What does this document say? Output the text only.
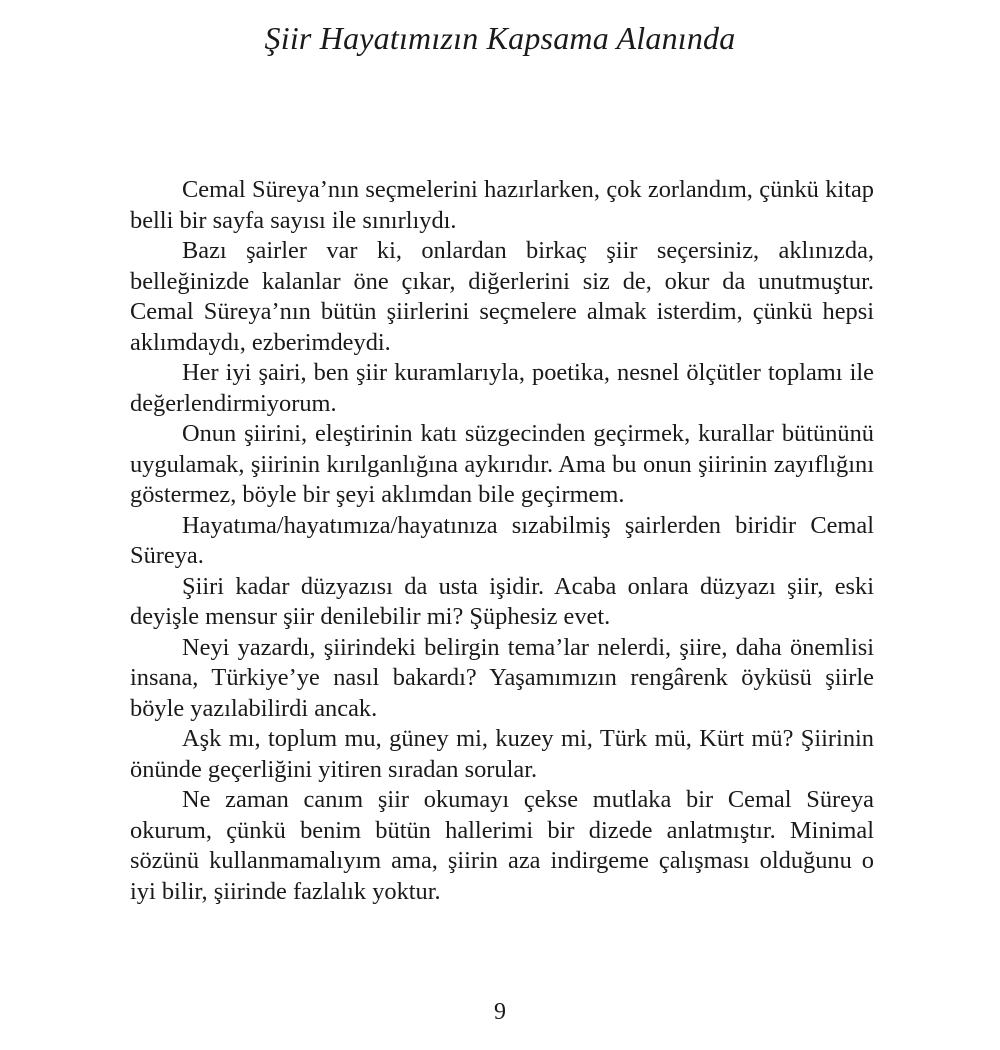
Şiir Hayatımızın Kapsama Alanında

Cemal Süreya’nın seçmelerini hazırlarken, çok zorlandım, çünkü kitap belli bir sayfa sayısı ile sınırlıydı.

Bazı şairler var ki, onlardan birkaç şiir seçersiniz, aklınızda, belleğinizde kalanlar öne çıkar, diğerlerini siz de, okur da unutmuştur. Cemal Süreya’nın bütün şiirlerini seçmelere almak isterdim, çünkü hepsi aklımdaydı, ezberimdeydi.

Her iyi şairi, ben şiir kuramlarıyla, poetika, nesnel ölçütler toplamı ile değerlendirmiyorum.

Onun şiirini, eleştirinin katı süzgecinden geçirmek, kurallar bütününü uygulamak, şiirinin kırılganlığına aykırıdır. Ama bu onun şiirinin zayıflığını göstermez, böyle bir şeyi aklımdan bile geçirmem.

Hayatıma/hayatımıza/hayatınıza sızabilmiş şairlerden biridir Cemal Süreya.

Şiiri kadar düzyazısı da usta işidir. Acaba onlara düzyazı şiir, eski deyişle mensur şiir denilebilir mi? Şüphesiz evet.

Neyi yazardı, şiirindeki belirgin tema’lar nelerdi, şiire, daha önemlisi insana, Türkiye’ye nasıl bakardı? Yaşamımızın rengârenk öyküsü şiirle böyle yazılabilirdi ancak.

Aşk mı, toplum mu, güney mi, kuzey mi, Türk mü, Kürt mü? Şiirinin önünde geçerliğini yitiren sıradan sorular.

Ne zaman canım şiir okumayı çekse mutlaka bir Cemal Süreya okurum, çünkü benim bütün hallerimi bir dizede anlatmıştır. Minimal sözünü kullanmamalıyım ama, şiirin aza indirgeme çalışması olduğunu o iyi bilir, şiirinde fazlalık yoktur.

9
